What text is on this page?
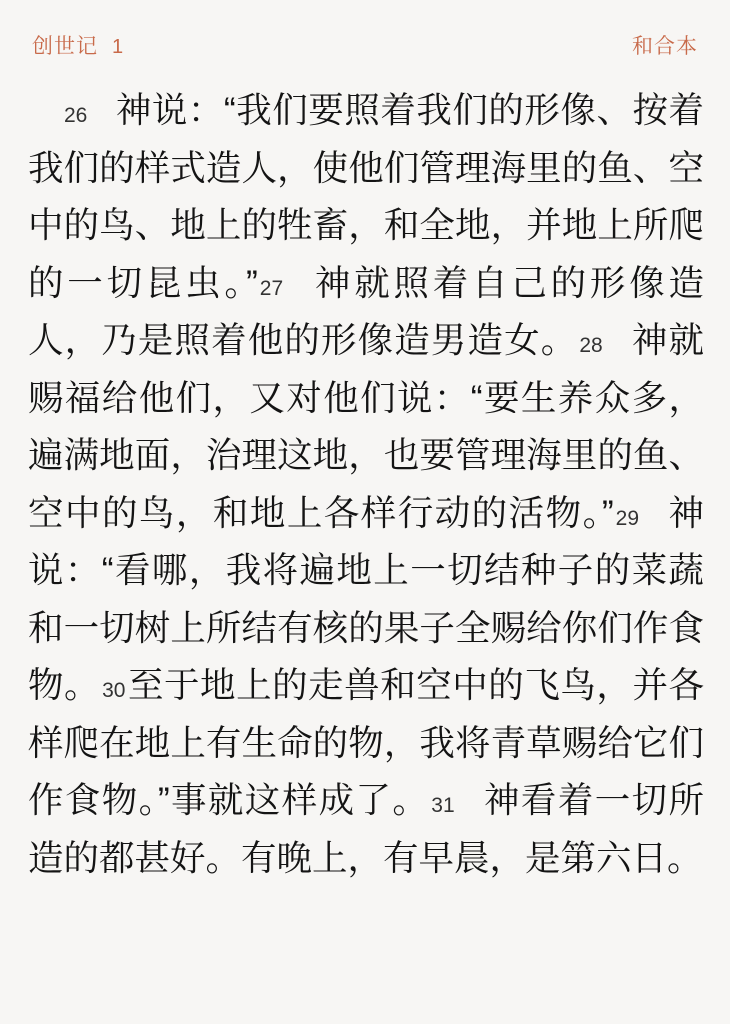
创世记 1	和合本
26 神说：“我们要照着我们的形像、按着我们的样式造人，使他们管理海里的鱼、空中的鸟、地上的牲畜，和全地，并地上所爬的一切昆虫。”27 神就照着自己的形像造人，乃是照着他的形像造男造女。28 神就赐福给他们，又对他们说：“要生养众多，遍满地面，治理这地，也要管理海里的鱼、空中的鸟，和地上各样行动的活物。”29 神说：“看哪，我将遍地上一切结种子的菜蔬和一切树上所结有核的果子全赐给你们作食物。30至于地上的走兽和空中的飞鸟，并各样爬在地上有生命的物，我将青草赐给它们作食物。”事就这样成了。31 神看着一切所造的都甚好。有晚上，有早晨，是第六日。
